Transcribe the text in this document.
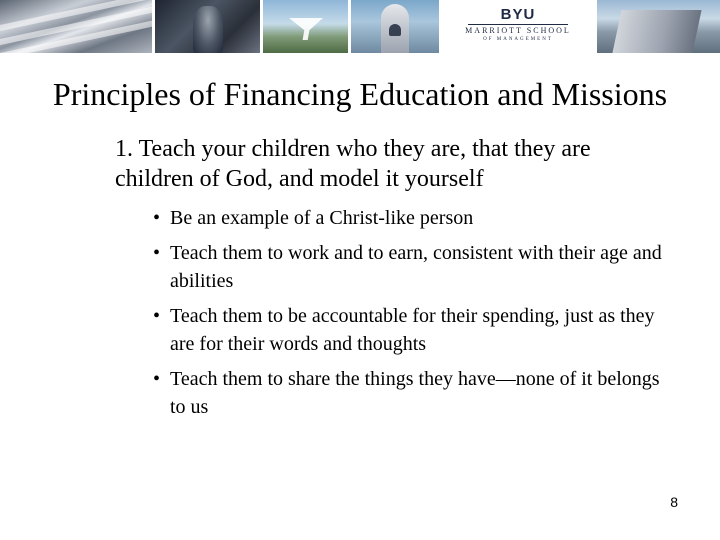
BYU
MARRIOTT SCHOOL
OF MANAGEMENT
Principles of Financing Education and Missions
1. Teach your children who they are, that they are children of God, and model it yourself
• Be an example of a Christ-like person
• Teach them to work and to earn, consistent with their age and abilities
• Teach them to be accountable for their spending, just as they are for their words and thoughts
• Teach them to share the things they have—none of it belongs to us
8
